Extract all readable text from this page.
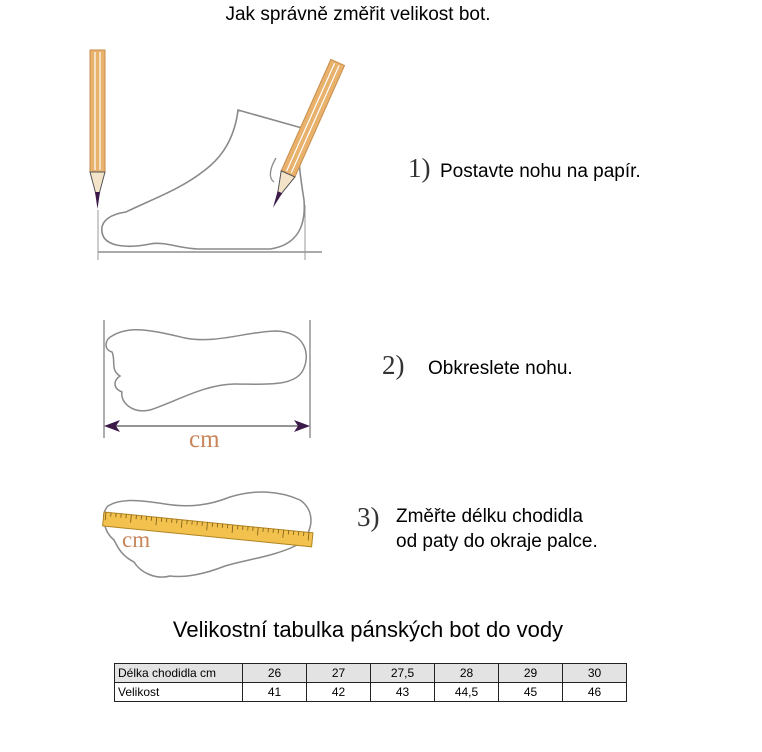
cm
cm
Jak správně změřit velikost bot.
1) Postavte nohu na papír.
2) Obkreslete nohu.
3) Změřte délku chodidla
od paty do okraje palce.
Velikostní tabulka pánských bot do vody
Délka chodidla cm	26	27	27,5	28	29	30
Velikost	41	42	43	44,5	45	46
